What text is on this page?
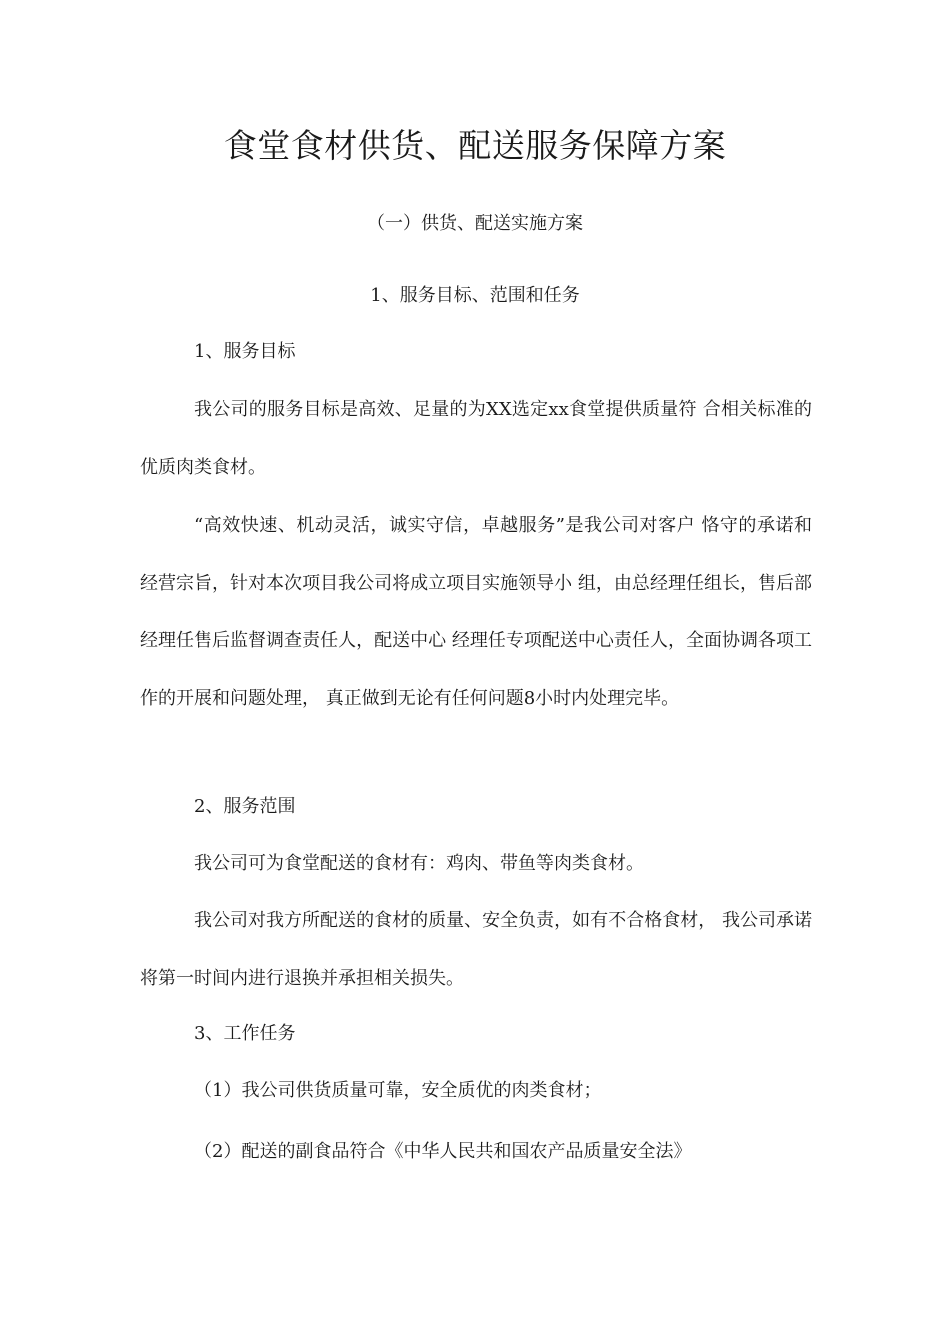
食堂食材供货、配送服务保障方案
（一）供货、配送实施方案
1、服务目标、范围和任务
1、服务目标
我公司的服务目标是高效、足量的为XX选定xx食堂提供质量符 合相关标准的优质肉类食材。
“高效快速、机动灵活，诚实守信，卓越服务”是我公司对客户 恪守的承诺和经营宗旨，针对本次项目我公司将成立项目实施领导小 组，由总经理任组长，售后部经理任售后监督调查责任人，配送中心 经理任专项配送中心责任人，全面协调各项工作的开展和问题处理， 真正做到无论有任何问题8小时内处理完毕。
2、服务范围
我公司可为食堂配送的食材有：鸡肉、带鱼等肉类食材。
我公司对我方所配送的食材的质量、安全负责，如有不合格食材， 我公司承诺将第一时间内进行退换并承担相关损失。
3、工作任务
（1）我公司供货质量可靠，安全质优的肉类食材；
（2）配送的副食品符合《中华人民共和国农产品质量安全法》
